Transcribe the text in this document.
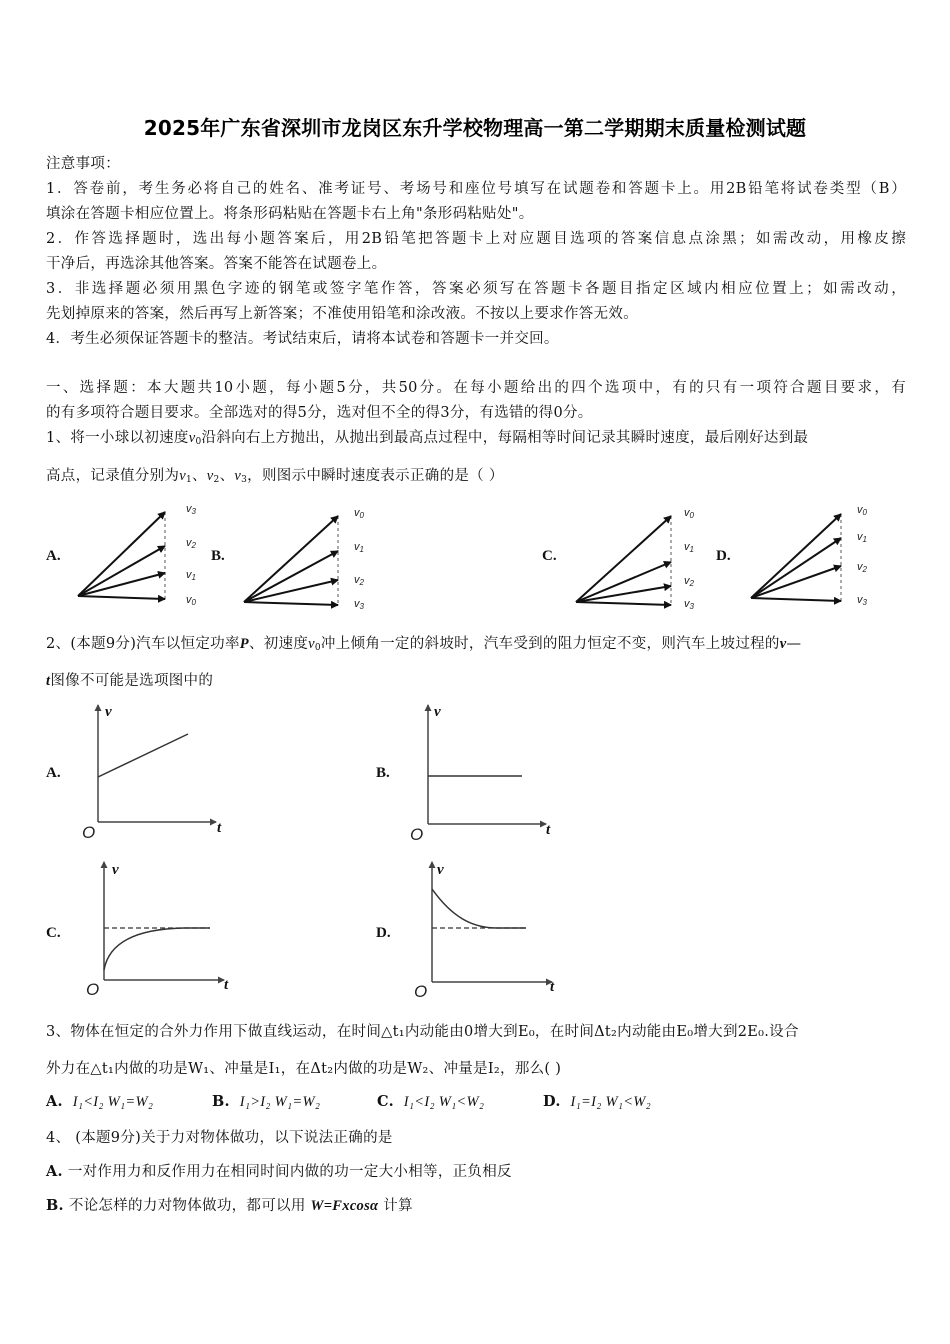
2025年广东省深圳市龙岗区东升学校物理高一第二学期期末质量检测试题
注意事项：
1．答卷前，考生务必将自己的姓名、准考证号、考场号和座位号填写在试题卷和答题卡上。用2B铅笔将试卷类型（B）
填涂在答题卡相应位置上。将条形码粘贴在答题卡右上角"条形码粘贴处"。
2．作答选择题时，选出每小题答案后，用2B铅笔把答题卡上对应题目选项的答案信息点涂黑；如需改动，用橡皮擦
干净后，再选涂其他答案。答案不能答在试题卷上。
3．非选择题必须用黑色字迹的钢笔或签字笔作答，答案必须写在答题卡各题目指定区域内相应位置上；如需改动，
先划掉原来的答案，然后再写上新答案；不准使用铅笔和涂改液。不按以上要求作答无效。
4．考生必须保证答题卡的整洁。考试结束后，请将本试卷和答题卡一并交回。
一、选择题：本大题共10小题，每小题5分，共50分。在每小题给出的四个选项中，有的只有一项符合题目要求，有
的有多项符合题目要求。全部选对的得5分，选对但不全的得3分，有选错的得0分。
1、将一小球以初速度$v_0$沿斜向右上方抛出，从抛出到最高点过程中，每隔相等时间记录其瞬时速度，最后刚好达到最
高点，记录值分别为$v_1$、$v_2$、$v_3$，则图示中瞬时速度表示正确的是（ ）
A.	B.	C.	D.
v3
v2
v1
v0
v0
v1
v2
v3
v0
v1
v2
v3
v0
v1
v2
v3
2、(本题9分)汽车以恒定功率P、初速度$v_0$冲上倾角一定的斜坡时，汽车受到的阻力恒定不变，则汽车上坡过程的v—
t图像不可能是选项图中的
A.	B.
C.	D.
v
t
O
v
t
O
v
t
O
v
t
O
3、物体在恒定的合外力作用下做直线运动，在时间△t₁内动能由0增大到E₀，在时间Δt₂内动能由E₀增大到2E₀.设合
外力在△t₁内做的功是W₁、冲量是I₁，在Δt₂内做的功是W₂、冲量是I₂，那么( )
A. I₁<I₂ W₁=W₂	B. I₁>I₂ W₁=W₂	C. I₁<I₂ W₁<W₂	D. I₁=I₂ W₁<W₂
4、 (本题9分)关于力对物体做功，以下说法正确的是
A. 一对作用力和反作用力在相同时间内做的功一定大小相等，正负相反
B. 不论怎样的力对物体做功，都可以用 W=Fxcosα 计算
